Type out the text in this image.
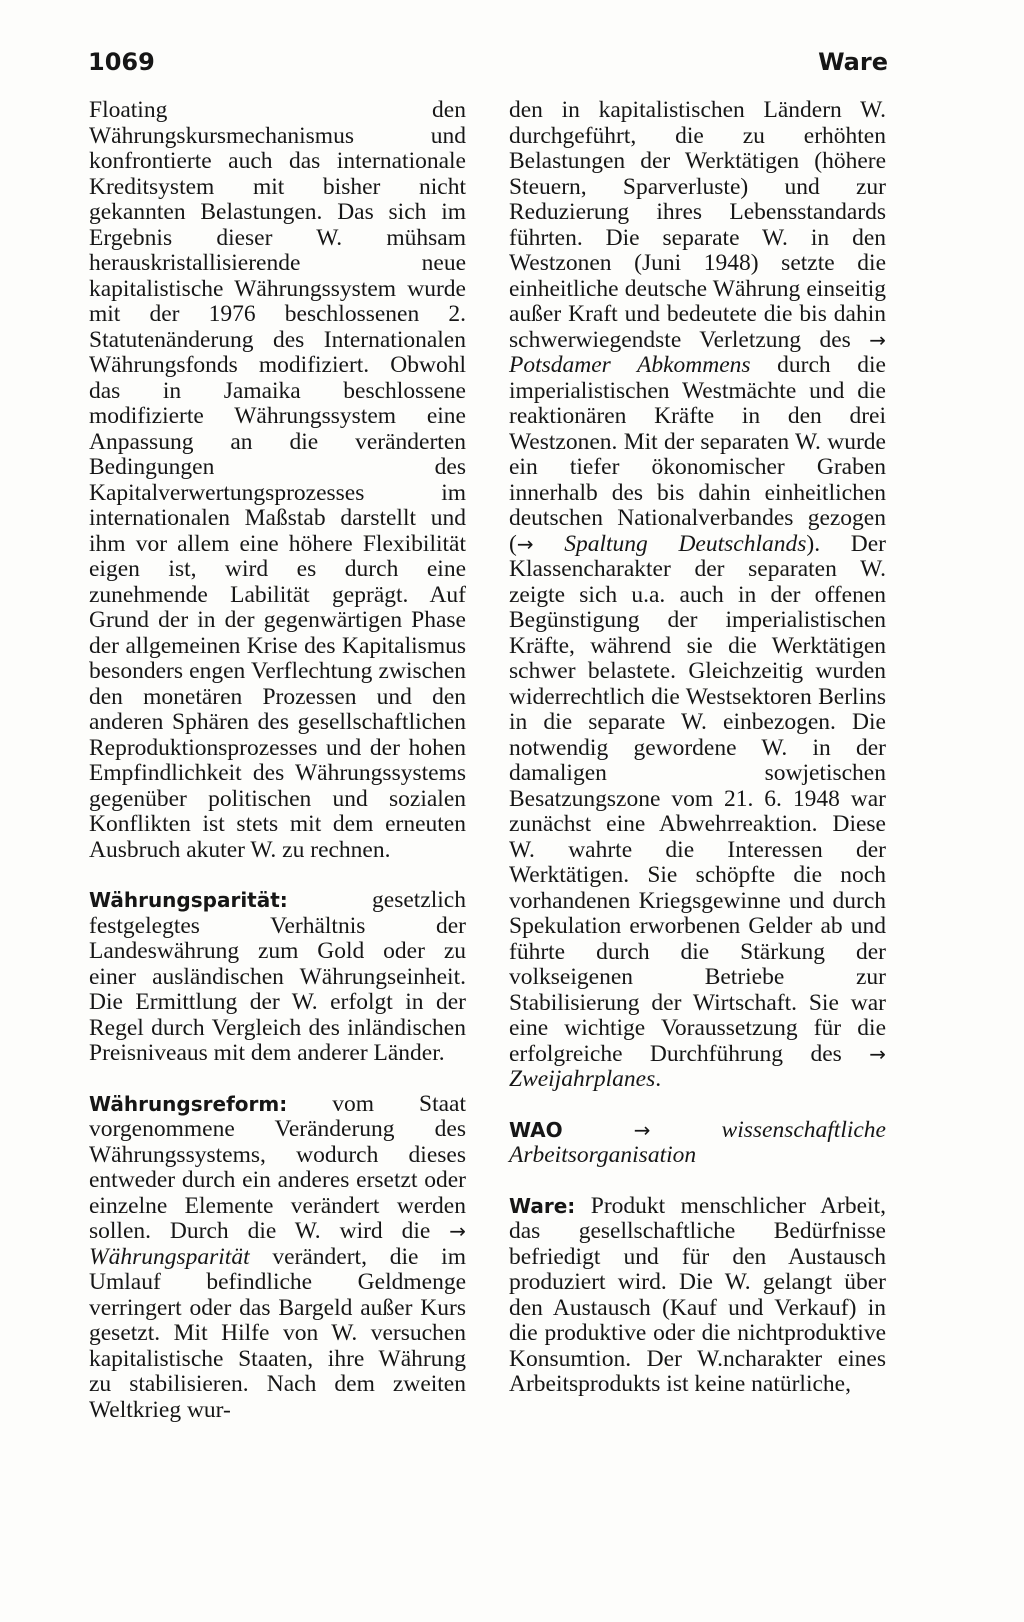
1069	Ware

Floating den Währungskursmechanismus und konfrontierte auch das internationale Kreditsystem mit bisher nicht gekannten Belastungen. Das sich im Ergebnis dieser W. mühsam herauskristallisierende neue kapitalistische Währungssystem wurde mit der 1976 beschlossenen 2. Statutenänderung des Internationalen Währungsfonds modifiziert. Obwohl das in Jamaika beschlossene modifizierte Währungssystem eine Anpassung an die veränderten Bedingungen des Kapitalverwertungsprozesses im internationalen Maßstab darstellt und ihm vor allem eine höhere Flexibilität eigen ist, wird es durch eine zunehmende Labilität geprägt. Auf Grund der in der gegenwärtigen Phase der allgemeinen Krise des Kapitalismus besonders engen Verflechtung zwischen den monetären Prozessen und den anderen Sphären des gesellschaftlichen Reproduktionsprozesses und der hohen Empfindlichkeit des Währungssystems gegenüber politischen und sozialen Konflikten ist stets mit dem erneuten Ausbruch akuter W. zu rechnen.

Währungsparität: gesetzlich festgelegtes Verhältnis der Landeswährung zum Gold oder zu einer ausländischen Währungseinheit. Die Ermittlung der W. erfolgt in der Regel durch Vergleich des inländischen Preisniveaus mit dem anderer Länder.

Währungsreform: vom Staat vorgenommene Veränderung des Währungssystems, wodurch dieses entweder durch ein anderes ersetzt oder einzelne Elemente verändert werden sollen. Durch die W. wird die → Währungsparität verändert, die im Umlauf befindliche Geldmenge verringert oder das Bargeld außer Kurs gesetzt. Mit Hilfe von W. versuchen kapitalistische Staaten, ihre Währung zu stabilisieren. Nach dem zweiten Weltkrieg wur-

den in kapitalistischen Ländern W. durchgeführt, die zu erhöhten Belastungen der Werktätigen (höhere Steuern, Sparverluste) und zur Reduzierung ihres Lebensstandards führten. Die separate W. in den Westzonen (Juni 1948) setzte die einheitliche deutsche Währung einseitig außer Kraft und bedeutete die bis dahin schwerwiegendste Verletzung des → Potsdamer Abkommens durch die imperialistischen Westmächte und die reaktionären Kräfte in den drei Westzonen. Mit der separaten W. wurde ein tiefer ökonomischer Graben innerhalb des bis dahin einheitlichen deutschen Nationalverbandes gezogen (→ Spaltung Deutschlands). Der Klassencharakter der separaten W. zeigte sich u.a. auch in der offenen Begünstigung der imperialistischen Kräfte, während sie die Werktätigen schwer belastete. Gleichzeitig wurden widerrechtlich die Westsektoren Berlins in die separate W. einbezogen. Die notwendig gewordene W. in der damaligen sowjetischen Besatzungszone vom 21. 6. 1948 war zunächst eine Abwehrreaktion. Diese W. wahrte die Interessen der Werktätigen. Sie schöpfte die noch vorhandenen Kriegsgewinne und durch Spekulation erworbenen Gelder ab und führte durch die Stärkung der volkseigenen Betriebe zur Stabilisierung der Wirtschaft. Sie war eine wichtige Voraussetzung für die erfolgreiche Durchführung des → Zweijahrplanes.

WAO	→	wissenschaftliche Arbeitsorganisation

Ware: Produkt menschlicher Arbeit, das gesellschaftliche Bedürfnisse befriedigt und für den Austausch produziert wird. Die W. gelangt über den Austausch (Kauf und Verkauf) in die produktive oder die nichtproduktive Konsumtion. Der W.ncharakter eines Arbeitsprodukts ist keine natürliche,
